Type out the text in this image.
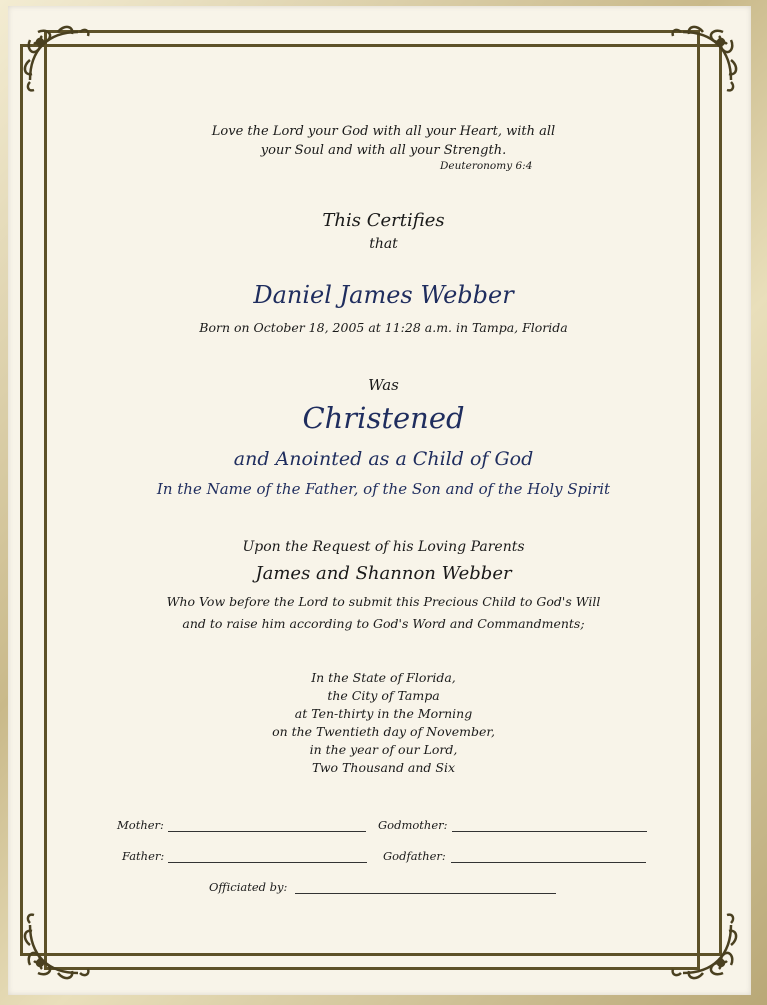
Love the Lord your God with all your Heart, with all
your Soul and with all your Strength.
Deuteronomy 6:4
This Certifies
that
Daniel James Webber
Born on October 18, 2005 at 11:28 a.m. in Tampa, Florida
Was
Christened
and Anointed as a Child of God
In the Name of the Father, of the Son and of the Holy Spirit
Upon the Request of his Loving Parents
James and Shannon Webber
Who Vow before the Lord to submit this Precious Child to God's Will
and to raise him according to God's Word and Commandments;
In the State of Florida,
the City of Tampa
at Ten-thirty in the Morning
on the Twentieth day of November,
in the year of our Lord,
Two Thousand and Six
Mother:	Godmother:
Father:	Godfather:
Officiated by:
